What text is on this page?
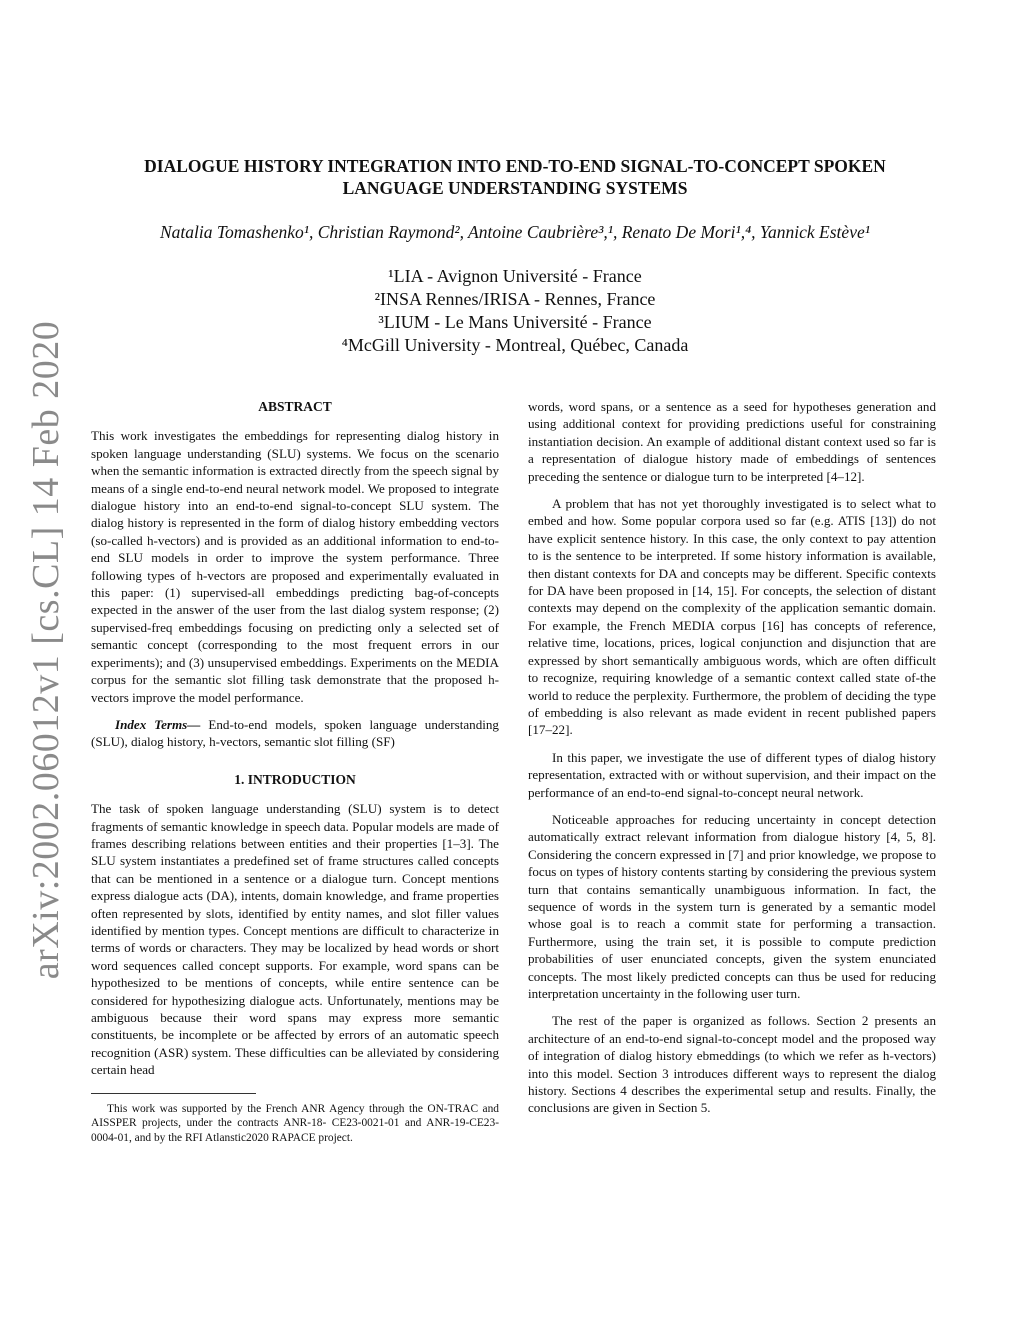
arXiv:2002.06012v1 [cs.CL] 14 Feb 2020
DIALOGUE HISTORY INTEGRATION INTO END-TO-END SIGNAL-TO-CONCEPT SPOKEN LANGUAGE UNDERSTANDING SYSTEMS
Natalia Tomashenko¹, Christian Raymond², Antoine Caubrière³,¹, Renato De Mori¹,⁴, Yannick Estève¹
¹LIA - Avignon Université - France
²INSA Rennes/IRISA - Rennes, France
³LIUM - Le Mans Université - France
⁴McGill University - Montreal, Québec, Canada
ABSTRACT

This work investigates the embeddings for representing dialog history in spoken language understanding (SLU) systems. We focus on the scenario when the semantic information is extracted directly from the speech signal by means of a single end-to-end neural network model. We proposed to integrate dialogue history into an end-to-end signal-to-concept SLU system. The dialog history is represented in the form of dialog history embedding vectors (so-called h-vectors) and is provided as an additional information to end-to-end SLU models in order to improve the system performance. Three following types of h-vectors are proposed and experimentally evaluated in this paper: (1) supervised-all embeddings predicting bag-of-concepts expected in the answer of the user from the last dialog system response; (2) supervised-freq embeddings focusing on predicting only a selected set of semantic concept (corresponding to the most frequent errors in our experiments); and (3) unsupervised embeddings. Experiments on the MEDIA corpus for the semantic slot filling task demonstrate that the proposed h-vectors improve the model performance.

Index Terms— End-to-end models, spoken language understanding (SLU), dialog history, h-vectors, semantic slot filling (SF)

1. INTRODUCTION

The task of spoken language understanding (SLU) system is to detect fragments of semantic knowledge in speech data. Popular models are made of frames describing relations between entities and their properties [1–3]. The SLU system instantiates a predefined set of frame structures called concepts that can be mentioned in a sentence or a dialogue turn. Concept mentions express dialogue acts (DA), intents, domain knowledge, and frame properties often represented by slots, identified by entity names, and slot filler values identified by mention types. Concept mentions are difficult to characterize in terms of words or characters. They may be localized by head words or short word sequences called concept supports. For example, word spans can be hypothesized to be mentions of concepts, while entire sentence can be considered for hypothesizing dialogue acts. Unfortunately, mentions may be ambiguous because their word spans may express more semantic constituents, be incomplete or be affected by errors of an automatic speech recognition (ASR) system. These difficulties can be alleviated by considering certain head

This work was supported by the French ANR Agency through the ON-TRAC and AISSPER projects, under the contracts ANR-18- CE23-0021-01 and ANR-19-CE23-0004-01, and by the RFI Atlanstic2020 RAPACE project.

words, word spans, or a sentence as a seed for hypotheses generation and using additional context for providing predictions useful for constraining instantiation decision. An example of additional distant context used so far is a representation of dialogue history made of embeddings of sentences preceding the sentence or dialogue turn to be interpreted [4–12].

A problem that has not yet thoroughly investigated is to select what to embed and how. Some popular corpora used so far (e.g. ATIS [13]) do not have explicit sentence history. In this case, the only context to pay attention to is the sentence to be interpreted. If some history information is available, then distant contexts for DA and concepts may be different. Specific contexts for DA have been proposed in [14, 15]. For concepts, the selection of distant contexts may depend on the complexity of the application semantic domain. For example, the French MEDIA corpus [16] has concepts of reference, relative time, locations, prices, logical conjunction and disjunction that are expressed by short semantically ambiguous words, which are often difficult to recognize, requiring knowledge of a semantic context called state of-the world to reduce the perplexity. Furthermore, the problem of deciding the type of embedding is also relevant as made evident in recent published papers [17–22].

In this paper, we investigate the use of different types of dialog history representation, extracted with or without supervision, and their impact on the performance of an end-to-end signal-to-concept neural network.

Noticeable approaches for reducing uncertainty in concept detection automatically extract relevant information from dialogue history [4, 5, 8]. Considering the concern expressed in [7] and prior knowledge, we propose to focus on types of history contents starting by considering the previous system turn that contains semantically unambiguous information. In fact, the sequence of words in the system turn is generated by a semantic model whose goal is to reach a commit state for performing a transaction. Furthermore, using the train set, it is possible to compute prediction probabilities of user enunciated concepts, given the system enunciated concepts. The most likely predicted concepts can thus be used for reducing interpretation uncertainty in the following user turn.

The rest of the paper is organized as follows. Section 2 presents an architecture of an end-to-end signal-to-concept model and the proposed way of integration of dialog history ebmeddings (to which we refer as h-vectors) into this model. Section 3 introduces different ways to represent the dialog history. Sections 4 describes the experimental setup and results. Finally, the conclusions are given in Section 5.
